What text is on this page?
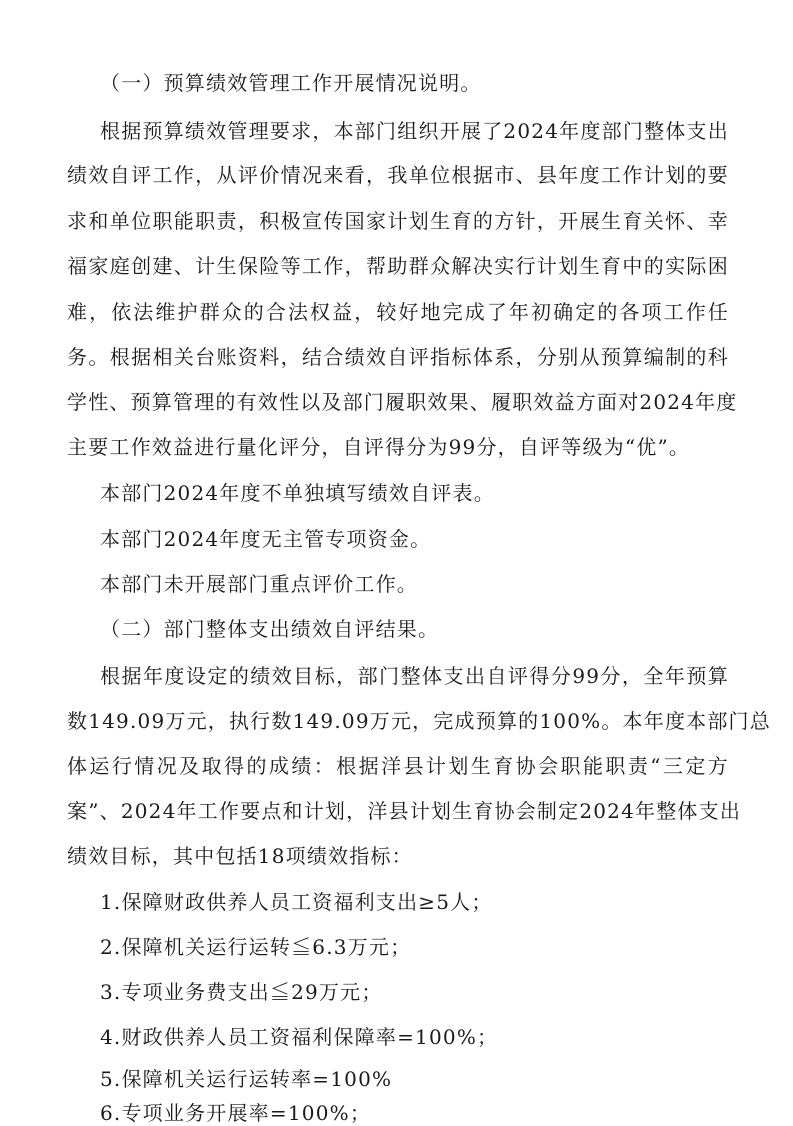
（一）预算绩效管理工作开展情况说明。
根据预算绩效管理要求，本部门组织开展了2024年度部门整体支出
绩效自评工作，从评价情况来看，我单位根据市、县年度工作计划的要
求和单位职能职责，积极宣传国家计划生育的方针，开展生育关怀、幸
福家庭创建、计生保险等工作，帮助群众解决实行计划生育中的实际困
难，依法维护群众的合法权益，较好地完成了年初确定的各项工作任
务。根据相关台账资料，结合绩效自评指标体系，分别从预算编制的科
学性、预算管理的有效性以及部门履职效果、履职效益方面对2024年度
主要工作效益进行量化评分，自评得分为99分，自评等级为“优”。
本部门2024年度不单独填写绩效自评表。
本部门2024年度无主管专项资金。
本部门未开展部门重点评价工作。
（二）部门整体支出绩效自评结果。
根据年度设定的绩效目标，部门整体支出自评得分99分，全年预算
数149.09万元，执行数149.09万元，完成预算的100%。本年度本部门总
体运行情况及取得的成绩：根据洋县计划生育协会职能职责“三定方
案”、2024年工作要点和计划，洋县计划生育协会制定2024年整体支出
绩效目标，其中包括18项绩效指标：
1.保障财政供养人员工资福利支出≥5人；
2.保障机关运行运转≦6.3万元；
3.专项业务费支出≦29万元；
4.财政供养人员工资福利保障率=100%；
5.保障机关运行运转率=100%
6.专项业务开展率=100%；
